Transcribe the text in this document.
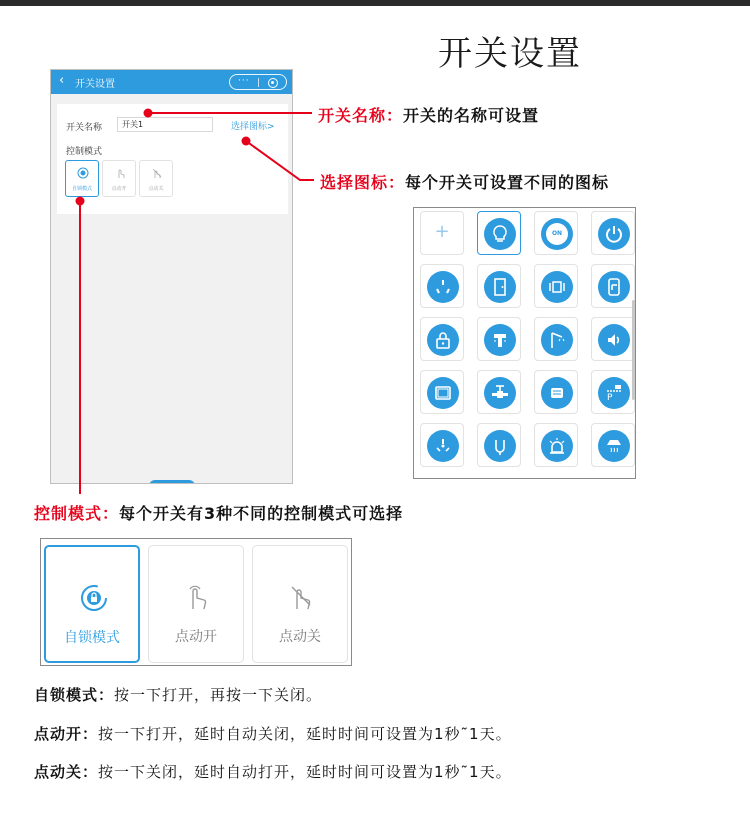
开关设置
‹ 开关设置	···
开关名称
开关1	选择图标>
控制模式
自锁模式	点动开	点动关
开关名称：开关的名称可设置
选择图标：每个开关可设置不同的图标
控制模式：每个开关有3种不同的控制模式可选择
+	ON
P
自锁模式	点动开	点动关
自锁模式：按一下打开，再按一下关闭。
点动开：按一下打开，延时自动关闭，延时时间可设置为1秒˜1天。
点动关：按一下关闭，延时自动打开，延时时间可设置为1秒˜1天。
